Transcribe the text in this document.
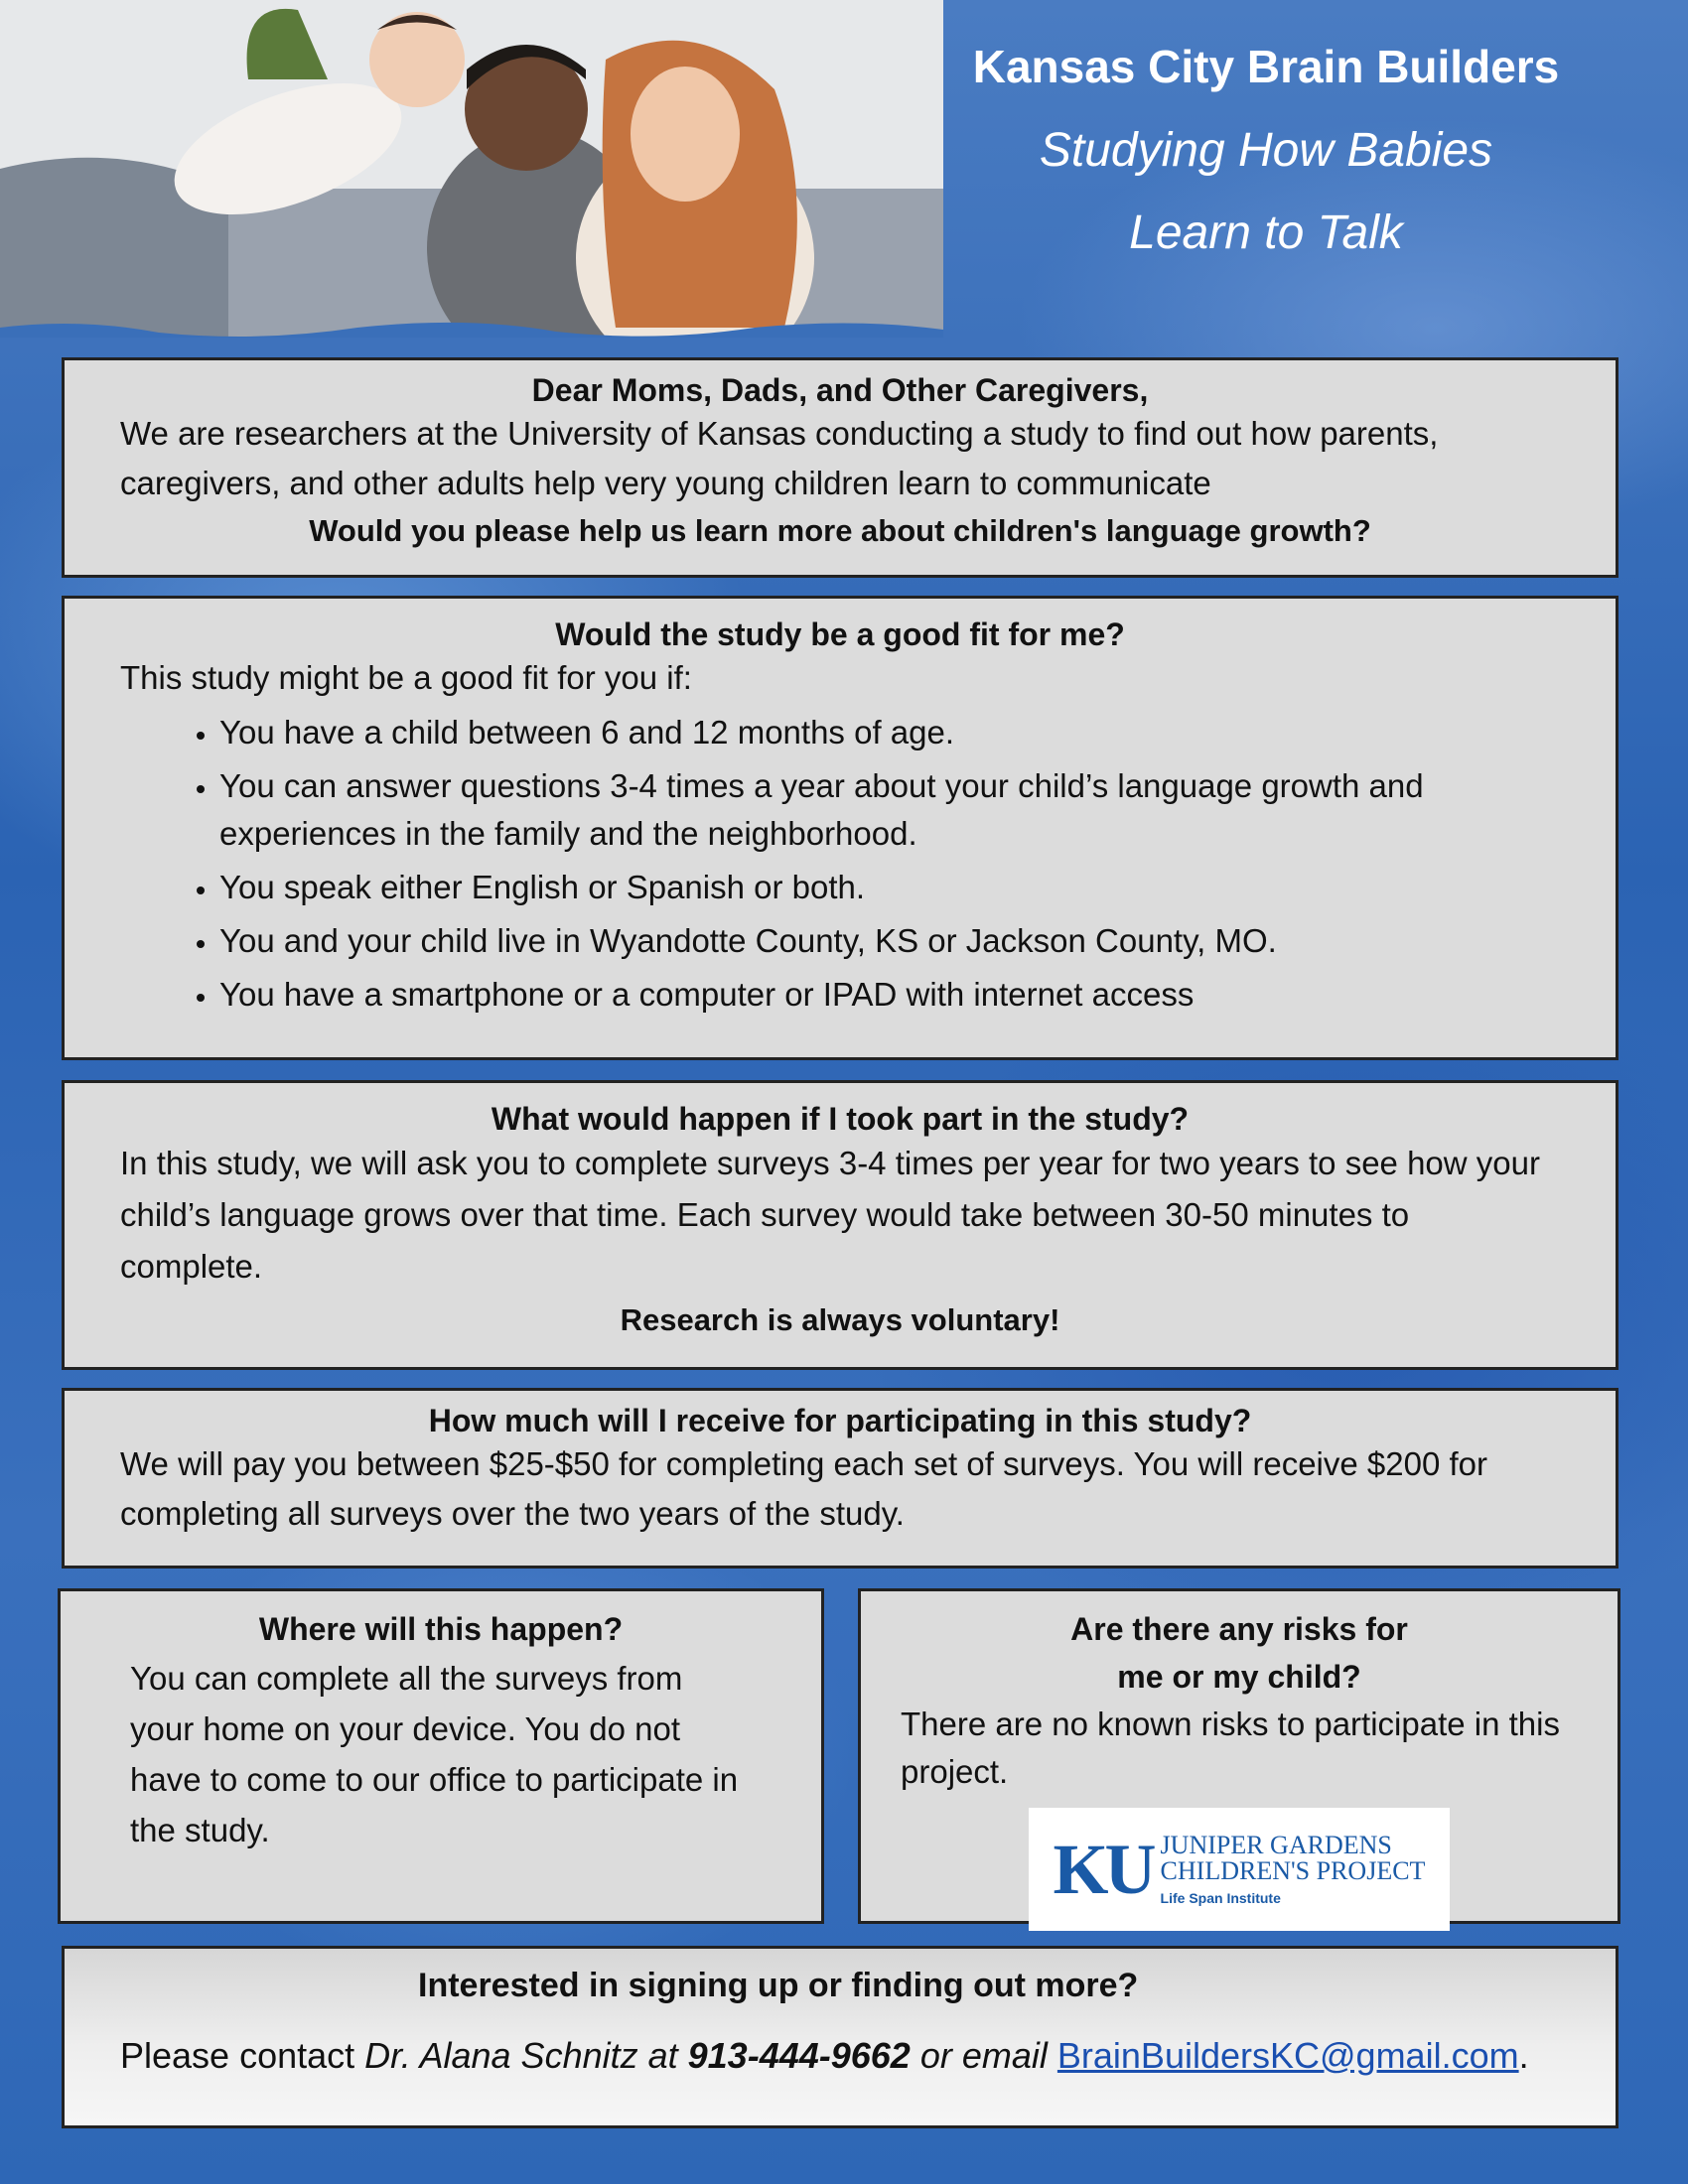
Kansas City Brain Builders
Studying How Babies
Learn to Talk
Dear Moms, Dads, and Other Caregivers,

We are researchers at the University of Kansas conducting a study to find out how parents, caregivers, and other adults help very young children learn to communicate

Would you please help us learn more about children's language growth?

Would the study be a good fit for me?

This study might be a good fit for you if:

• You have a child between 6 and 12 months of age.
• You can answer questions 3-4 times a year about your child’s language growth and experiences in the family and the neighborhood.
• You speak either English or Spanish or both.
• You and your child live in Wyandotte County, KS or Jackson County, MO.
• You have a smartphone or a computer or IPAD with internet access
What would happen if I took part in the study?

In this study, we will ask you to complete surveys 3-4 times per year for two years to see how your child’s language grows over that time. Each survey would take between 30-50 minutes to complete.

Research is always voluntary!

How much will I receive for participating in this study?

We will pay you between $25-$50 for completing each set of surveys. You will receive $200 for completing all surveys over the two years of the study.

Where will this happen?

You can complete all the surveys from your home on your device. You do not have to come to our office to participate in the study.

Are there any risks for
me or my child?

There are no known risks to participate in this project.

KU JUNIPER GARDENS
CHILDREN'S PROJECT
Life Span Institute
Interested in signing up or finding out more?

Please contact Dr. Alana Schnitz at 913-444-9662 or email BrainBuildersKC@gmail.com.
